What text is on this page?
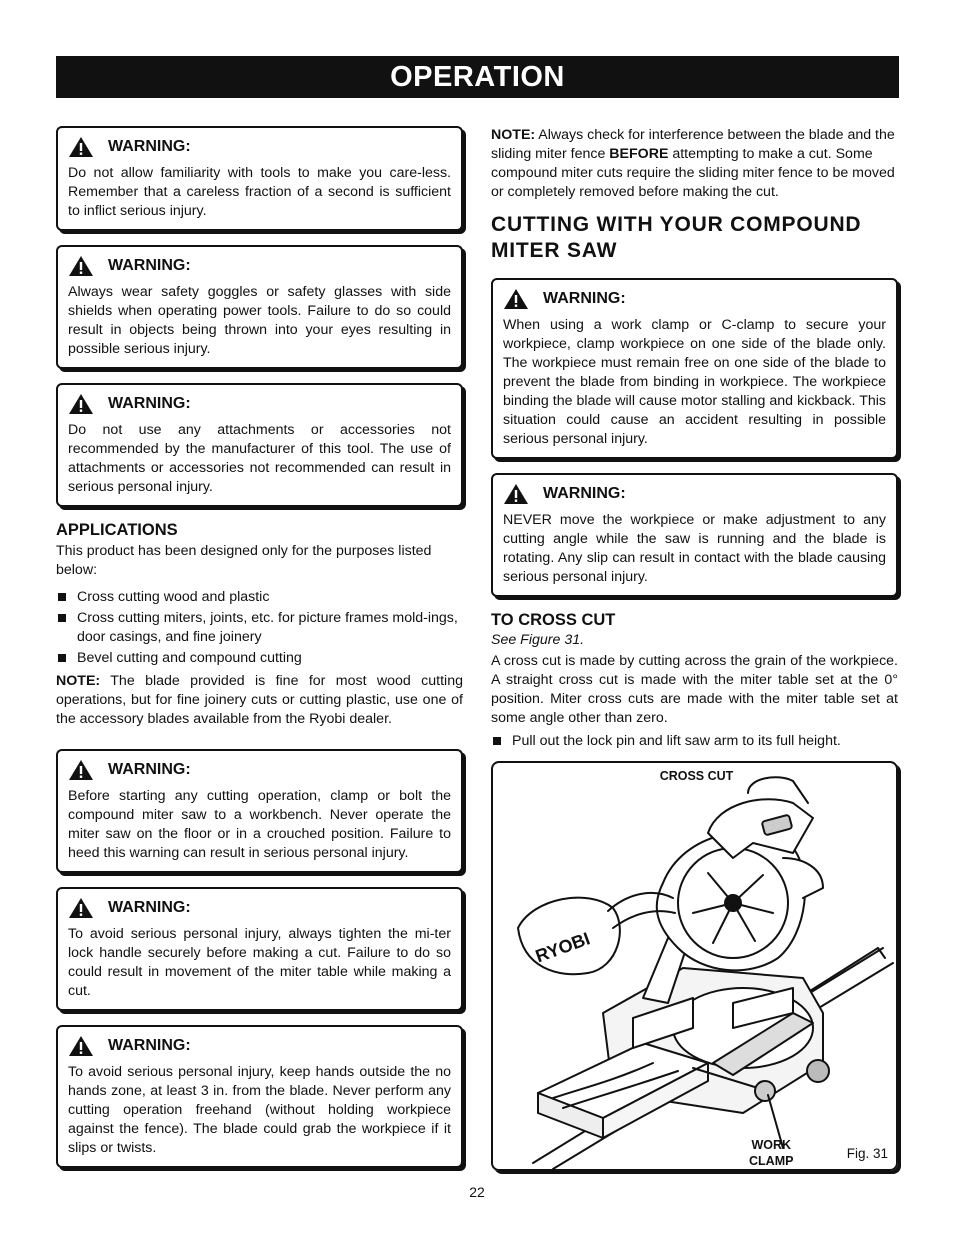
OPERATION
WARNING:
Do not allow familiarity with tools to make you care-less. Remember that a careless fraction of a second is sufficient to inflict serious injury.
WARNING:
Always wear safety goggles or safety glasses with side shields when operating power tools. Failure to do so could result in objects being thrown into your eyes resulting in possible serious injury.
WARNING:
Do not use any attachments or accessories not recommended by the manufacturer of this tool. The use of attachments or accessories not recommended can result in serious personal injury.
APPLICATIONS
This product has been designed only for the purposes listed below:
Cross cutting wood and plastic
Cross cutting miters, joints, etc. for picture frames mold-ings, door casings, and fine joinery
Bevel cutting and compound cutting
NOTE: The blade provided is fine for most wood cutting operations, but for fine joinery cuts or cutting plastic, use one of the accessory blades available from the Ryobi dealer.
WARNING:
Before starting any cutting operation, clamp or bolt the compound miter saw to a workbench. Never operate the miter saw on the floor or in a crouched position. Failure to heed this warning can result in serious personal injury.
WARNING:
To avoid serious personal injury, always tighten the mi-ter lock handle securely before making a cut. Failure to do so could result in movement of the miter table while making a cut.
WARNING:
To avoid serious personal injury, keep hands outside the no hands zone, at least 3 in. from the blade. Never perform any cutting operation freehand (without holding workpiece against the fence). The blade could grab the workpiece if it slips or twists.
NOTE: Always check for interference between the blade and the sliding miter fence BEFORE attempting to make a cut. Some compound miter cuts require the sliding miter fence to be moved or completely removed before making the cut.
CUTTING WITH YOUR COMPOUND MITER SAW
WARNING:
When using a work clamp or C-clamp to secure your workpiece, clamp workpiece on one side of the blade only. The workpiece must remain free on one side of the blade to prevent the blade from binding in workpiece. The workpiece binding the blade will cause motor stalling and kickback. This situation could cause an accident resulting in possible serious personal injury.
WARNING:
NEVER move the workpiece or make adjustment to any cutting angle while the saw is running and the blade is rotating. Any slip can result in contact with the blade causing serious personal injury.
TO CROSS CUT
See Figure 31.
A cross cut is made by cutting across the grain of the workpiece. A straight cross cut is made with the miter table set at the 0° position. Miter cross cuts are made with the miter table set at some angle other than zero.
Pull out the lock pin and lift saw arm to its full height.
CROSS CUT
RYOBI
WORK
CLAMP	Fig. 31
22
